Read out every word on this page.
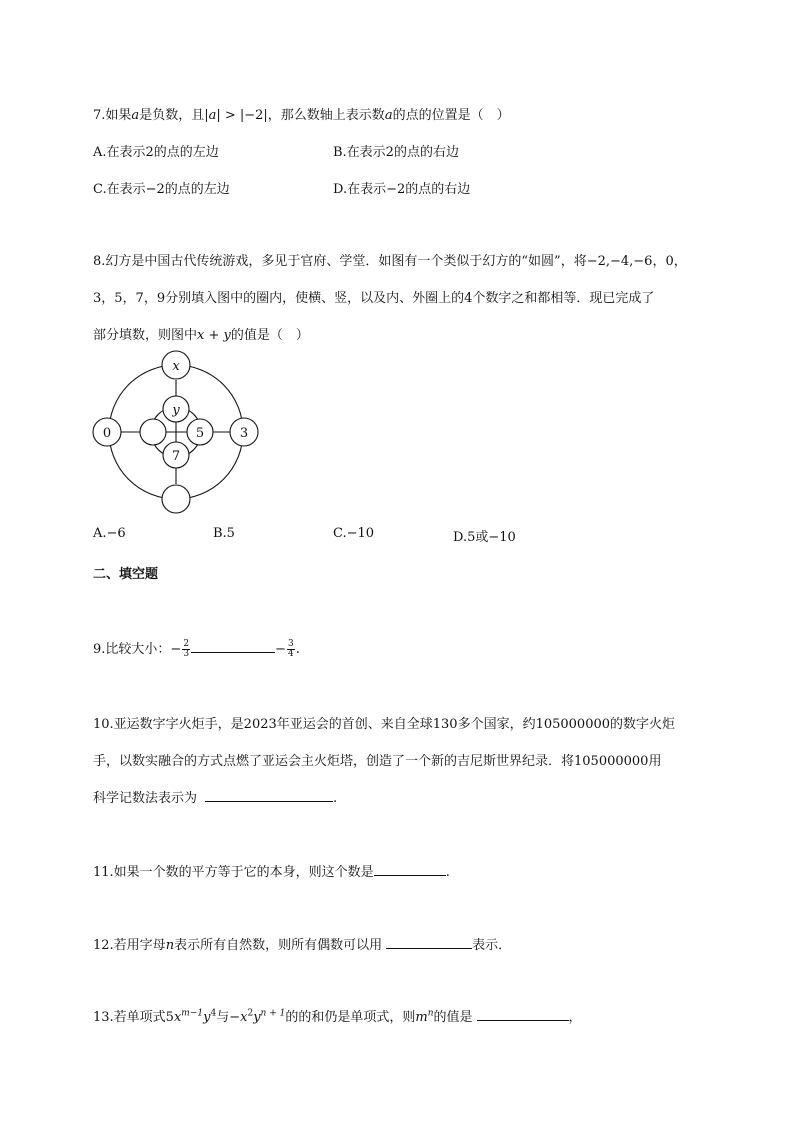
7.如果a是负数，且|a| > |−2|，那么数轴上表示数a的点的位置是（　）
A.在表示2的点的左边	B.在表示2的点的右边
C.在表示−2的点的左边	D.在表示−2的点的右边
8.幻方是中国古代传统游戏，多见于官府、学堂．如图有一个类似于幻方的“如圆”，将−2,−4,−6，0，
3，5，7，9分别填入图中的圈内，使横、竖，以及内、外圈上的4个数字之和都相等．现已完成了
部分填数，则图中x + y的值是（　）
x
y
0	5	3
7
A.−6	B.5	C.−10	D.5或−10
二、填空题
9.比较大小：− $\frac{2}{3}$	− $\frac{3}{4}$ .
10.亚运数字字火炬手，是2023年亚运会的首创、来自全球130多个国家，约105000000的数字火炬
手，以数实融合的方式点燃了亚运会主火炬塔，创造了一个新的吉尼斯世界纪录．将105000000用
科学记数法表示为	.
11.如果一个数的平方等于它的本身，则这个数是	.
12.若用字母n表示所有自然数，则所有偶数可以用	表示．
13.若单项式$5x^{m-1}y^4$与$-x^2y^{n + 1}$的的和仍是单项式，则$m^n$的值是	，
